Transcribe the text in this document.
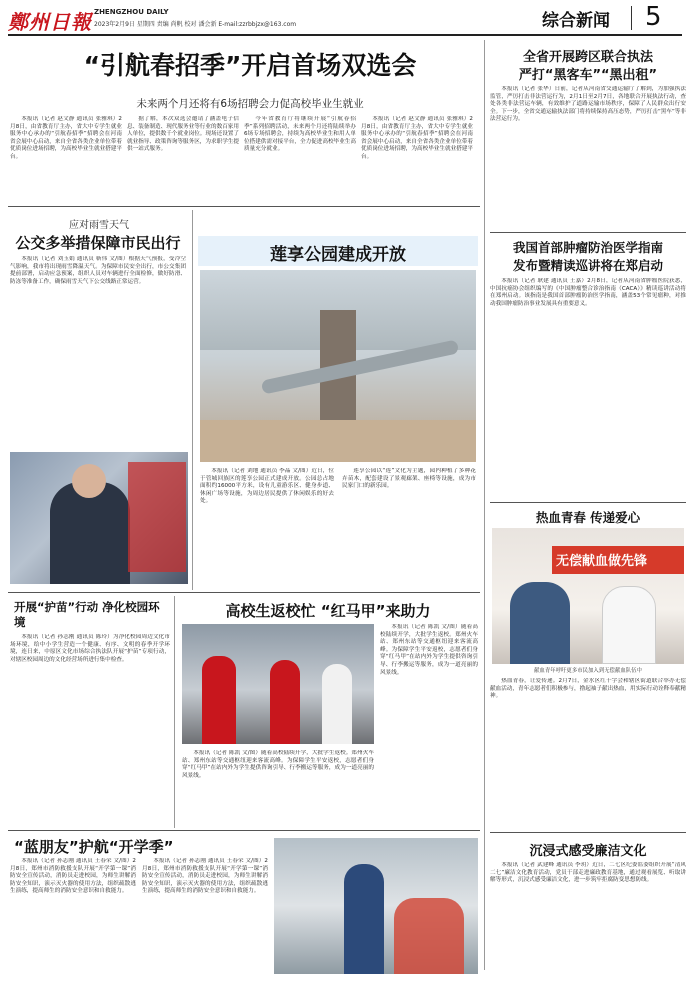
鄭州日報 ZHENGZHOU DAILY
2023年2月9日 星期四 责编 尚帆 校对 潘会新 E-mail:zzrbbjzx@163.com	综合新闻 5
“引航春招季”开启首场双选会
未来两个月还将有6场招聘会力促高校毕业生就业

本报讯（记者 赵文静 通讯员 张雅琪）2月8日，由省教育厅主办，省大中专学生就业服务中心承办的“引航春招季”招聘会在河南省会展中心启动，来自全省各类企业单位带着优质岗位进场招聘，为高校毕业生就业搭建平台。

据了解，本次双选会邀请了涵盖电子信息、装备制造、现代服务业等行业的数百家用人单位，提供数千个就业岗位。现场还设置了就业指导、政策咨询等服务区，为求职学生提供一站式服务。

今年省教育厅将继续开展“引航春招季”系列招聘活动，未来两个月还将陆续举办6场专场招聘会，持续为高校毕业生和用人单位搭建供需对接平台，全力促进高校毕业生高质量充分就业。

本报讯（记者 赵文静 通讯员 张雅琪）2月8日，由省教育厅主办，省大中专学生就业服务中心承办的“引航春招季”招聘会在河南省会展中心启动，来自全省各类企业单位带着优质岗位进场招聘，为高校毕业生就业搭建平台。

应对雨雪天气
公交多举措保障市民出行

本报讯（记者 刘玉娟 通讯员 靳伟 文/图）根据天气预报，受冷空气影响，我市将出现雨雪降温天气。为保障市民安全出行，市公交集团提前部署，启动应急预案，组织人员对车辆进行全面检修，做好防滑、防冻等准备工作，确保雨雪天气下公交线路正常运营。

莲享公园建成开放

本报讯（记者 刘地 通讯员 李晶 文/图）近日，位于管城回族区的莲享公园正式建成开放。公园总占地面积约16000平方米，设有儿童游乐区、健身步道、休闲广场等设施，为周边居民提供了休闲娱乐的好去处。

莲享公园以“莲”文化为主题，园内种植了多种花卉苗木，配套建设了景观廊架、座椅等设施，成为市民家门口的新乐园。

开展“护苗”行动 净化校园环境

本报讯（记者 孙志刚 通讯员 陈玲）为净化校园周边文化市场环境，给中小学生营造一个健康、有序、文明的春季开学环境，连日来，中原区文化市场综合执法队开展“护苗”专项行动，对辖区校园周边的文化经营场所进行集中检查。

高校生返校忙 “红马甲”来助力

本报讯（记者 陈凯 文/图）随着高校陆续开学，大批学生返校。郑州火车站、郑州东站等交通枢纽迎来客流高峰。为保障学生平安返校，志愿者们身穿“红马甲”在站内外为学生提供咨询引导、行李搬运等服务，成为一道亮丽的风景线。

本报讯（记者 陈凯 文/图）随着高校陆续开学，大批学生返校。郑州火车站、郑州东站等交通枢纽迎来客流高峰。为保障学生平安返校，志愿者们身穿“红马甲”在站内外为学生提供咨询引导、行李搬运等服务，成为一道亮丽的风景线。

“蓝朋友”护航“开学季”

本报讯（记者 孙志刚 通讯员 王春荣 文/图）2月8日，郑州市消防救援支队开展“开学第一课”消防安全宣传活动，消防员走进校园，为师生讲解消防安全知识，演示灭火器的使用方法，组织疏散逃生演练，提高师生的消防安全意识和自救能力。

本报讯（记者 孙志刚 通讯员 王春荣 文/图）2月8日，郑州市消防救援支队开展“开学第一课”消防安全宣传活动，消防员走进校园，为师生讲解消防安全知识，演示灭火器的使用方法，组织疏散逃生演练，提高师生的消防安全意识和自救能力。

全省开展跨区联合执法
严打“黑客车”“黑出租”

本报讯（记者 张华）日前，记者从河南省交通运输厅了解到，为加强执法监管，严厉打击非法营运行为，2月1日至2月7日，各地联合开展执法行动，查处各类非法营运车辆，有效维护了道路运输市场秩序，保障了人民群众出行安全。下一步，全省交通运输执法部门将持续保持高压态势，严厉打击“黑车”等非法营运行为。

我国首部肿瘤防治医学指南
发布暨精读巡讲将在郑启动

本报讯（记者 耿建 通讯员 王嘉）2月8日，记者从河南省肿瘤医院获悉，中国抗癌协会组织编写的《中国肿瘤整合诊治指南（CACA）》精读巡讲活动将在郑州启动。该指南是我国首部肿瘤防治医学指南，涵盖53个常见瘤种，对推动我国肿瘤防治事业发展具有重要意义。

热血青春 传递爱心
无偿献血做先锋
献血青年呼吁更多市民加入到无偿献血队伍中

热血青春，让爱传递。2月7日，金水区红十字会和辖区街道联合举办无偿献血活动，青年志愿者们积极参与，撸起袖子献出热血，用实际行动诠释奉献精神。

沉浸式感受廉洁文化

本报讯（记者 武建峰 通讯员 李玥）近日，二七区纪委监委组织开展“清风二七”廉洁文化教育活动，党员干部走进廉政教育基地，通过观看展览、听取讲解等形式，沉浸式感受廉洁文化，进一步筑牢拒腐防变思想防线。
